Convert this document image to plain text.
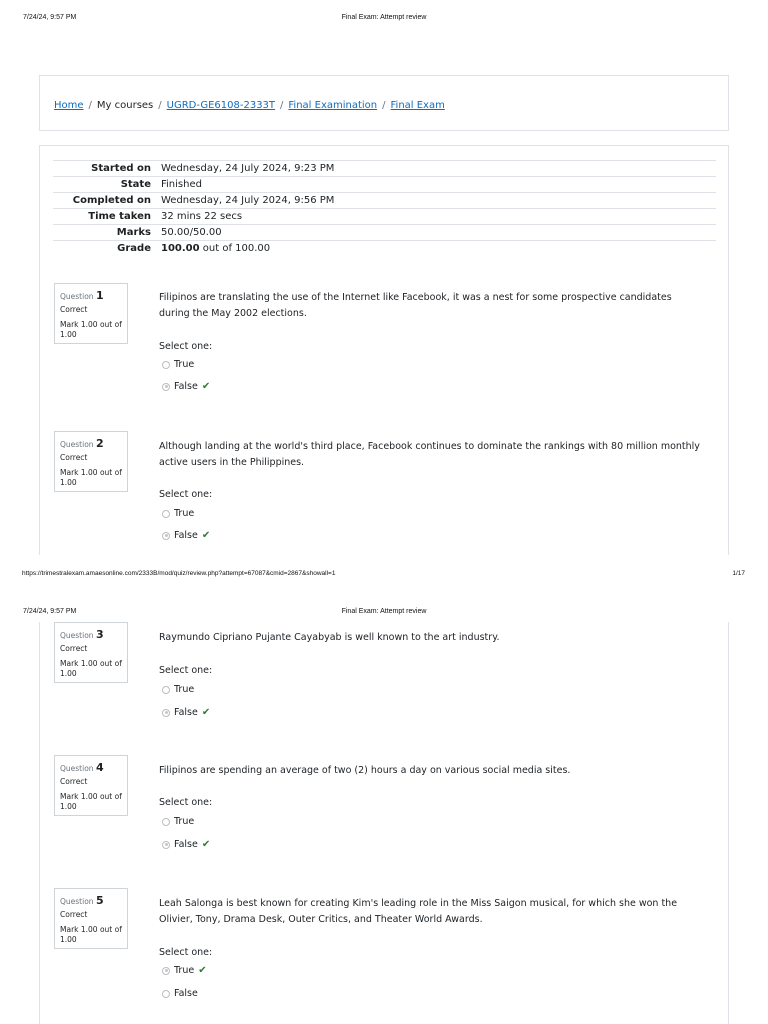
7/24/24, 9:57 PM	Final Exam: Attempt review
Home / My courses / UGRD-GE6108-2333T / Final Examination / Final Exam
Started on	Wednesday, 24 July 2024, 9:23 PM
State	Finished
Completed on	Wednesday, 24 July 2024, 9:56 PM
Time taken	32 mins 22 secs
Marks	50.00/50.00
Grade	100.00 out of 100.00
Question 1
Correct
Mark 1.00 out of 1.00
Filipinos are translating the use of the Internet like Facebook, it was a nest for some prospective candidates during the May 2002 elections.
Select one:
True
False ✔
Question 2
Correct
Mark 1.00 out of 1.00
Although landing at the world's third place, Facebook continues to dominate the rankings with 80 million monthly active users in the Philippines.
Select one:
True
False ✔
https://trimestralexam.amaesonline.com/2333B/mod/quiz/review.php?attempt=67087&cmid=2867&showall=1	1/17
7/24/24, 9:57 PM	Final Exam: Attempt review
Question 3
Correct
Mark 1.00 out of 1.00
Raymundo Cipriano Pujante Cayabyab is well known to the art industry.
Select one:
True
False ✔
Question 4
Correct
Mark 1.00 out of 1.00
Filipinos are spending an average of two (2) hours a day on various social media sites.
Select one:
True
False ✔
Question 5
Correct
Mark 1.00 out of 1.00
Leah Salonga is best known for creating Kim's leading role in the Miss Saigon musical, for which she won the Olivier, Tony, Drama Desk, Outer Critics, and Theater World Awards.
Select one:
True ✔
False
